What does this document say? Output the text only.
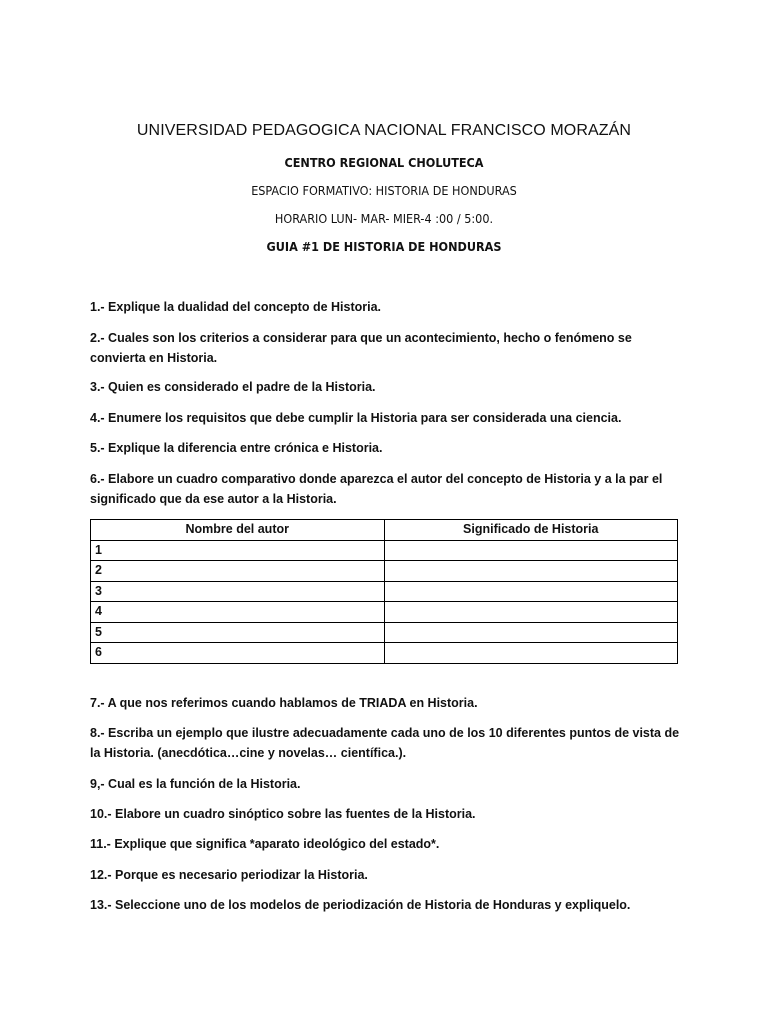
UNIVERSIDAD PEDAGOGICA NACIONAL FRANCISCO MORAZÁN
CENTRO REGIONAL CHOLUTECA
ESPACIO FORMATIVO: HISTORIA DE HONDURAS
HORARIO LUN- MAR- MIER-4 :00 / 5:00.
GUIA #1 DE HISTORIA DE HONDURAS
1.- Explique la dualidad del concepto de Historia.
2.- Cuales son los criterios a considerar para que un acontecimiento, hecho o fenómeno se convierta en Historia.
3.- Quien es considerado el padre de la Historia.
4.- Enumere los requisitos que debe cumplir la Historia para ser considerada una ciencia.
5.- Explique la diferencia entre crónica e Historia.
6.- Elabore un cuadro comparativo donde aparezca el autor del concepto de Historia y a la par el significado que da ese autor a la Historia.
Nombre del autor	Significado de Historia
1	
2	
3	
4	
5	
6	
7.- A que nos referimos cuando hablamos de TRIADA en Historia.
8.- Escriba un ejemplo que ilustre adecuadamente cada uno de los 10 diferentes puntos de vista de la Historia. (anecdótica…cine y novelas… científica.).
9,- Cual es la función de la Historia.
10.- Elabore un cuadro sinóptico sobre las fuentes de la Historia.
11.- Explique que significa *aparato ideológico del estado*.
12.- Porque es necesario periodizar la Historia.
13.- Seleccione uno de los modelos de periodización de Historia de Honduras y expliquelo.
